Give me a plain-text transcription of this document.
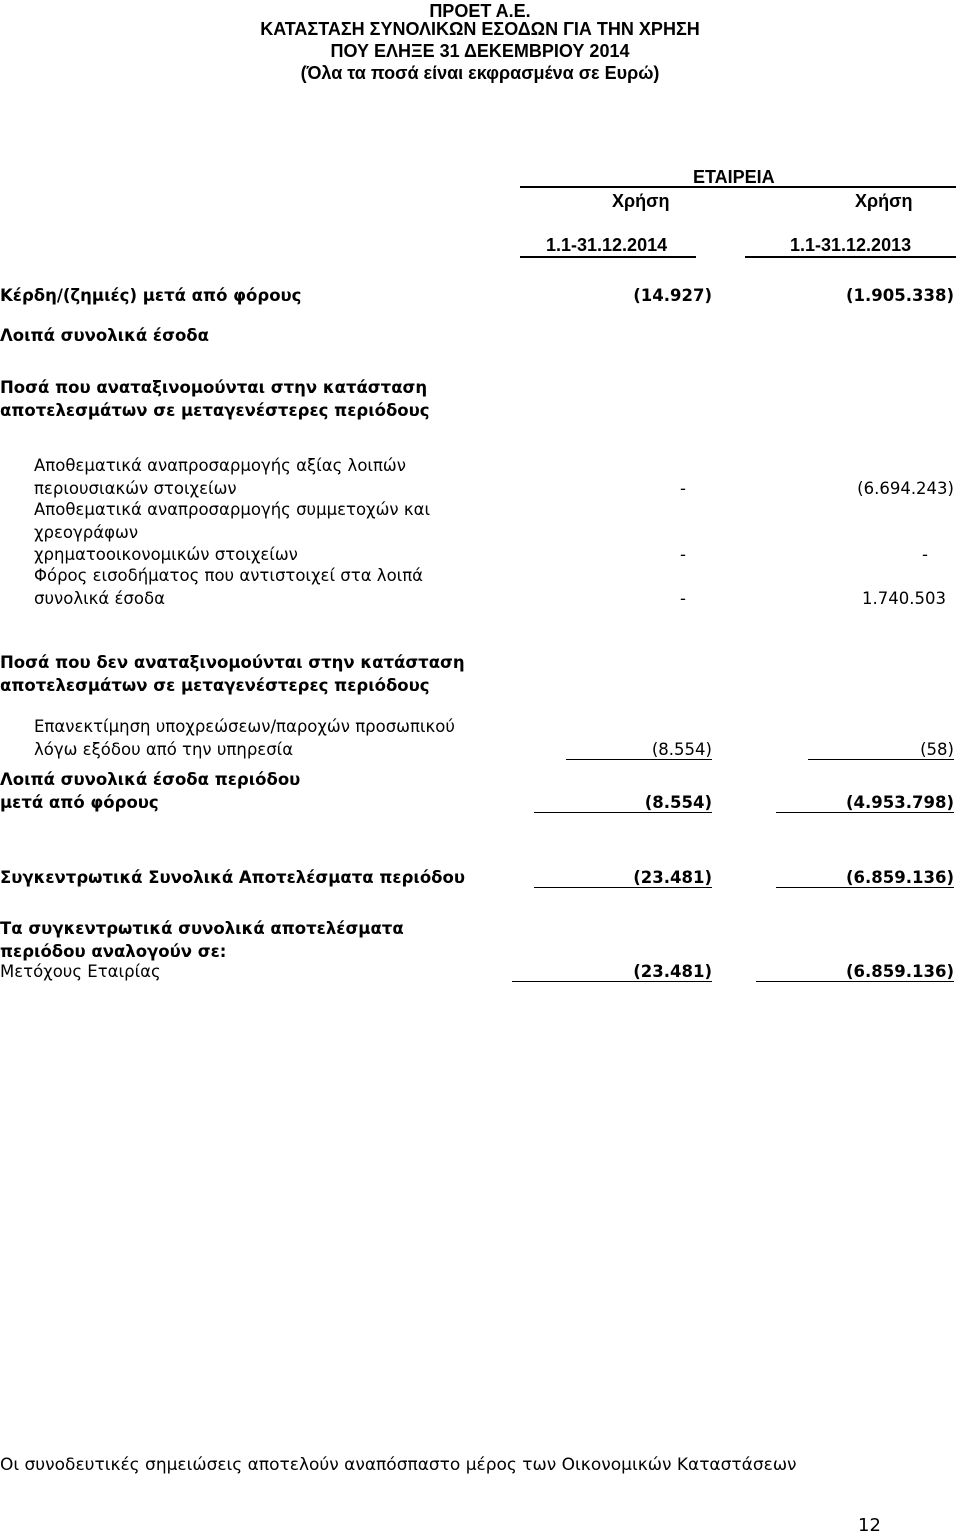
ΠΡΟΕΤ Α.Ε.
ΚΑΤΑΣΤΑΣΗ ΣΥΝΟΛΙΚΩΝ ΕΣΟΔΩΝ ΓΙΑ ΤΗΝ ΧΡΗΣΗ
ΠΟΥ ΕΛΗΞΕ 31 ΔΕΚΕΜΒΡΙΟΥ 2014
(Όλα τα ποσά είναι εκφρασμένα σε Ευρώ)
ΕΤΑΙΡΕΙΑ
Χρήση	Χρήση
1.1-31.12.2014	1.1-31.12.2013
Κέρδη/(ζημιές) μετά από φόρους	(14.927)	(1.905.338)
Λοιπά συνολικά έσοδα
Ποσά που αναταξινομούνται στην κατάσταση
αποτελεσμάτων σε μεταγενέστερες περιόδους
Αποθεματικά αναπροσαρμογής αξίας λοιπών
περιουσιακών στοιχείων	-	(6.694.243)
Αποθεματικά αναπροσαρμογής συμμετοχών και
χρεογράφων
χρηματοοικονομικών στοιχείων	-	-
Φόρος εισοδήματος που αντιστοιχεί στα λοιπά
συνολικά έσοδα	-	1.740.503
Ποσά που δεν αναταξινομούνται στην κατάσταση
αποτελεσμάτων σε μεταγενέστερες περιόδους
Επανεκτίμηση υποχρεώσεων/παροχών προσωπικού
λόγω εξόδου από την υπηρεσία	(8.554)	(58)
Λοιπά συνολικά έσοδα περιόδου
μετά από φόρους	(8.554)	(4.953.798)
Συγκεντρωτικά Συνολικά Αποτελέσματα περιόδου	(23.481)	(6.859.136)
Τα συγκεντρωτικά συνολικά αποτελέσματα
περιόδου αναλογούν σε:
Μετόχους Εταιρίας	(23.481)	(6.859.136)
Οι συνοδευτικές σημειώσεις αποτελούν αναπόσπαστο μέρος των Οικονομικών Καταστάσεων
12
